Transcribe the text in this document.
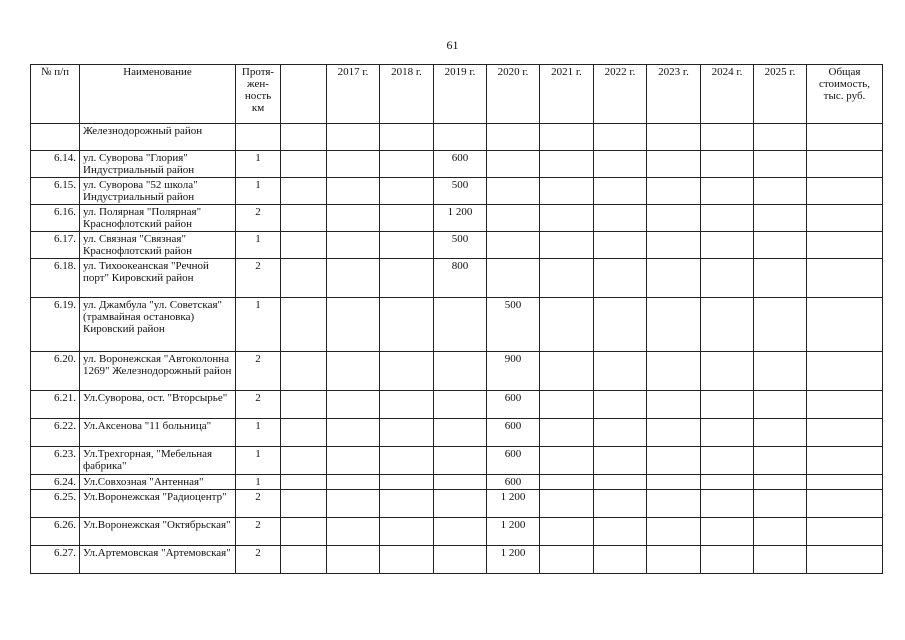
61
№ п/п	Наименование	Протя-жен-ность км		2017 г.	2018 г.	2019 г.	2020 г.	2021 г.	2022 г.	2023 г.	2024 г.	2025 г.	Общая стоимость, тыс. руб.
	Железнодорожный район												
6.14.	ул. Суворова "Глория" Индустриальный район	1				600							
6.15.	ул. Суворова "52 школа" Индустриальный район	1				500							
6.16.	ул. Полярная "Полярная" Краснофлотский район	2				1 200							
6.17.	ул. Связная "Связная" Краснофлотский район	1				500							
6.18.	ул. Тихоокеанская "Речной порт" Кировский район	2				800							
6.19.	ул. Джамбула "ул. Советская" (трамвайная остановка) Кировский район	1					500						
6.20.	ул. Воронежская "Автоколонна 1269" Железнодорожный район	2					900						
6.21.	Ул.Суворова, ост. "Вторсырье"	2					600						
6.22.	Ул.Аксенова "11 больница"	1					600						
6.23.	Ул.Трехгорная, "Мебельная фабрика"	1					600						
6.24.	Ул.Совхозная "Антенная"	1					600						
6.25.	Ул.Воронежская "Радиоцентр"	2					1 200						
6.26.	Ул.Воронежская "Октябрьская"	2					1 200						
6.27.	Ул.Артемовская "Артемовская"	2					1 200						
